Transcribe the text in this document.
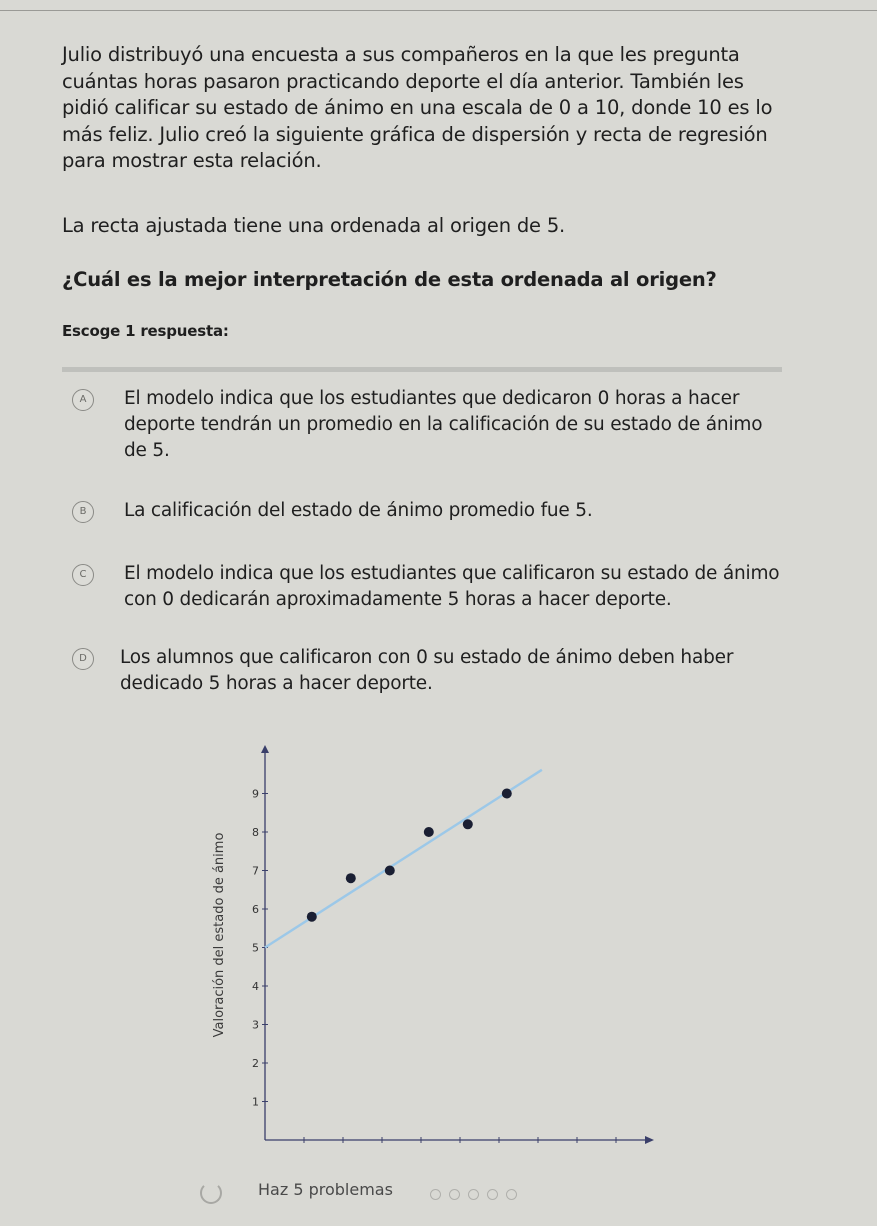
Julio distribuyó una encuesta a sus compañeros en la que les pregunta cuántas horas pasaron practicando deporte el día anterior. También les pidió calificar su estado de ánimo en una escala de 0 a 10, donde 10 es lo más feliz. Julio creó la siguiente gráfica de dispersión y recta de regresión para mostrar esta relación.
La recta ajustada tiene una ordenada al origen de 5.
¿Cuál es la mejor interpretación de esta ordenada al origen?
Escoge 1 respuesta:
A	El modelo indica que los estudiantes que dedicaron 0 horas a hacer deporte tendrán un promedio en la calificación de su estado de ánimo de 5.
B	La calificación del estado de ánimo promedio fue 5.
C	El modelo indica que los estudiantes que calificaron su estado de ánimo con 0 dedicarán aproximadamente 5 horas a hacer deporte.
D	Los alumnos que calificaron con 0 su estado de ánimo deben haber dedicado 5 horas a hacer deporte.
1
2
3
4
5
6
7
8
9
Valoración del estado de ánimo
Haz 5 problemas
